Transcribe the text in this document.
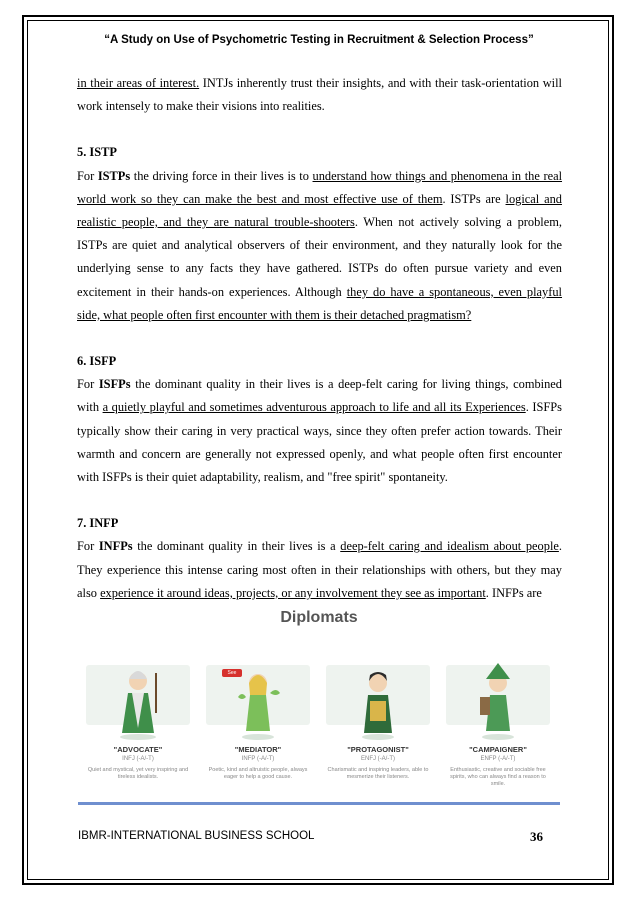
“A Study on Use of Psychometric Testing in Recruitment & Selection Process”

in their areas of interest. INTJs inherently trust their insights, and with their task-orientation will work intensely to make their visions into realities.

5. ISTP

For ISTPs the driving force in their lives is to understand how things and phenomena in the real world work so they can make the best and most effective use of them. ISTPs are logical and realistic people, and they are natural trouble-shooters. When not actively solving a problem, ISTPs are quiet and analytical observers of their environment, and they naturally look for the underlying sense to any facts they have gathered. ISTPs do often pursue variety and even excitement in their hands-on experiences. Although they do have a spontaneous, even playful side, what people often first encounter with them is their detached pragmatism?

6. ISFP

For ISFPs the dominant quality in their lives is a deep-felt caring for living things, combined with a quietly playful and sometimes adventurous approach to life and all its Experiences. ISFPs typically show their caring in very practical ways, since they often prefer action towards. Their warmth and concern are generally not expressed openly, and what people often first encounter with ISFPs is their quiet adaptability, realism, and "free spirit" spontaneity.

7. INFP

For INFPs the dominant quality in their lives is a deep-felt caring and idealism about people. They experience this intense caring most often in their relationships with others, but they may also experience it around ideas, projects, or any involvement they see as important. INFPs are

Diplomats
"ADVOCATE"
INFJ (-A/-T)
Quiet and mystical, yet very inspiring and tireless idealists.
See
"MEDIATOR"
INFP (-A/-T)
Poetic, kind and altruistic people, always eager to help a good cause.
"PROTAGONIST"
ENFJ (-A/-T)
Charismatic and inspiring leaders, able to mesmerize their listeners.
"CAMPAIGNER"
ENFP (-A/-T)
Enthusiastic, creative and sociable free spirits, who can always find a reason to smile.
IBMR-INTERNATIONAL BUSINESS SCHOOL	36
